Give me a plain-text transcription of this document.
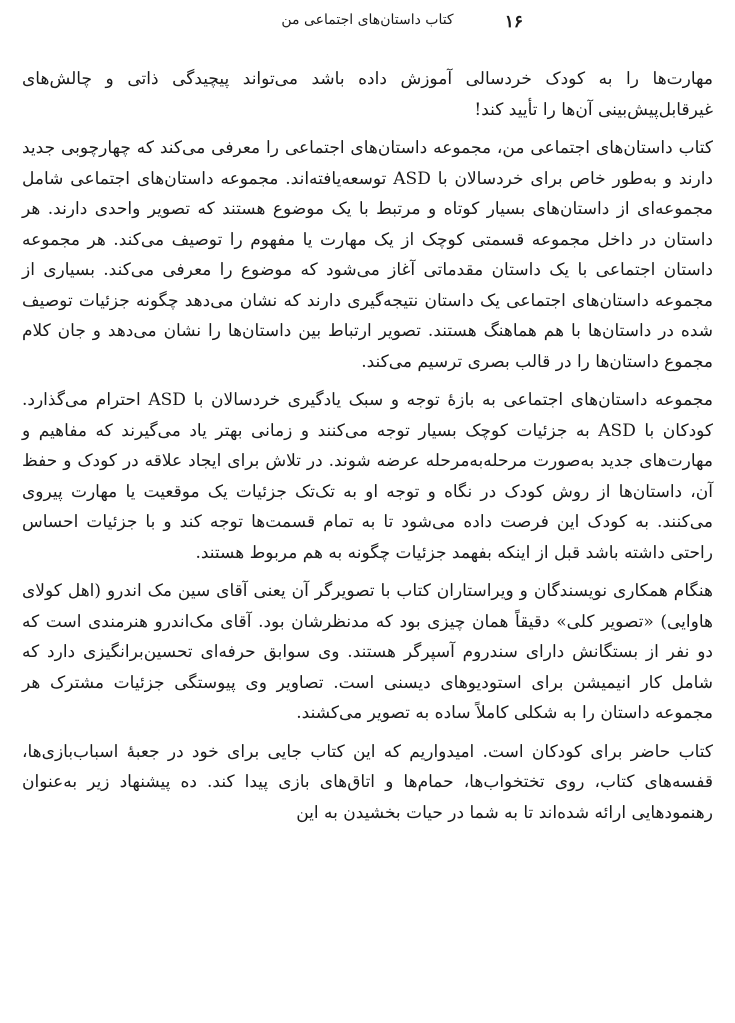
۱۶
کتاب داستان‌های اجتماعی من

مهارت‌ها را به کودک خردسالی آموزش داده باشد می‌تواند پیچیدگی ذاتی و چالش‌های غیرقابل‌پیش‌بینی آن‌ها را تأیید کند!

کتاب داستان‌های اجتماعی من، مجموعه داستان‌های اجتماعی را معرفی می‌کند که چهارچوبی جدید دارند و به‌طور خاص برای خردسالان با ASD توسعه‌یافته‌اند. مجموعه داستان‌های اجتماعی شامل مجموعه‌ای از داستان‌های بسیار کوتاه و مرتبط با یک موضوع هستند که تصویر واحدی دارند. هر داستان در داخل مجموعه قسمتی کوچک از یک مهارت یا مفهوم را توصیف می‌کند. هر مجموعه داستان اجتماعی با یک داستان مقدماتی آغاز می‌شود که موضوع را معرفی می‌کند. بسیاری از مجموعه داستان‌های اجتماعی یک داستان نتیجه‌گیری دارند که نشان می‌دهد چگونه جزئیات توصیف شده در داستان‌ها با هم هماهنگ هستند. تصویر ارتباط بین داستان‌ها را نشان می‌دهد و جان کلام مجموع داستان‌ها را در قالب بصری ترسیم می‌کند.

مجموعه داستان‌های اجتماعی به بازهٔ توجه و سبک یادگیری خردسالان با ASD احترام می‌گذارد. کودکان با ASD به جزئیات کوچک بسیار توجه می‌کنند و زمانی بهتر یاد می‌گیرند که مفاهیم و مهارت‌های جدید به‌صورت مرحله‌به‌مرحله عرضه شوند. در تلاش برای ایجاد علاقه در کودک و حفظ آن، داستان‌ها از روش کودک در نگاه و توجه او به تک‌تک جزئیات یک موقعیت یا مهارت پیروی می‌کنند. به کودک این فرصت داده می‌شود تا به تمام قسمت‌ها توجه کند و با جزئیات احساس راحتی داشته باشد قبل از اینکه بفهمد جزئیات چگونه به هم مربوط هستند.

هنگام همکاری نویسندگان و ویراستاران کتاب با تصویرگر آن یعنی آقای سین مک اندرو (اهل کولای هاوایی) «تصویر کلی» دقیقاً همان چیزی بود که مدنظرشان بود. آقای مک‌اندرو هنرمندی است که دو نفر از بستگانش دارای سندروم آسپرگر هستند. وی سوابق حرفه‌ای تحسین‌برانگیزی دارد که شامل کار انیمیشن برای استودیوهای دیسنی است. تصاویر وی پیوستگی جزئیات مشترک هر مجموعه داستان را به شکلی کاملاً ساده به تصویر می‌کشند.

کتاب حاضر برای کودکان است. امیدواریم که این کتاب جایی برای خود در جعبهٔ اسباب‌بازی‌ها، قفسه‌های کتاب، روی تختخواب‌ها، حمام‌ها و اتاق‌های بازی پیدا کند. ده پیشنهاد زیر به‌عنوان رهنمودهایی ارائه شده‌اند تا به شما در حیات بخشیدن به این
